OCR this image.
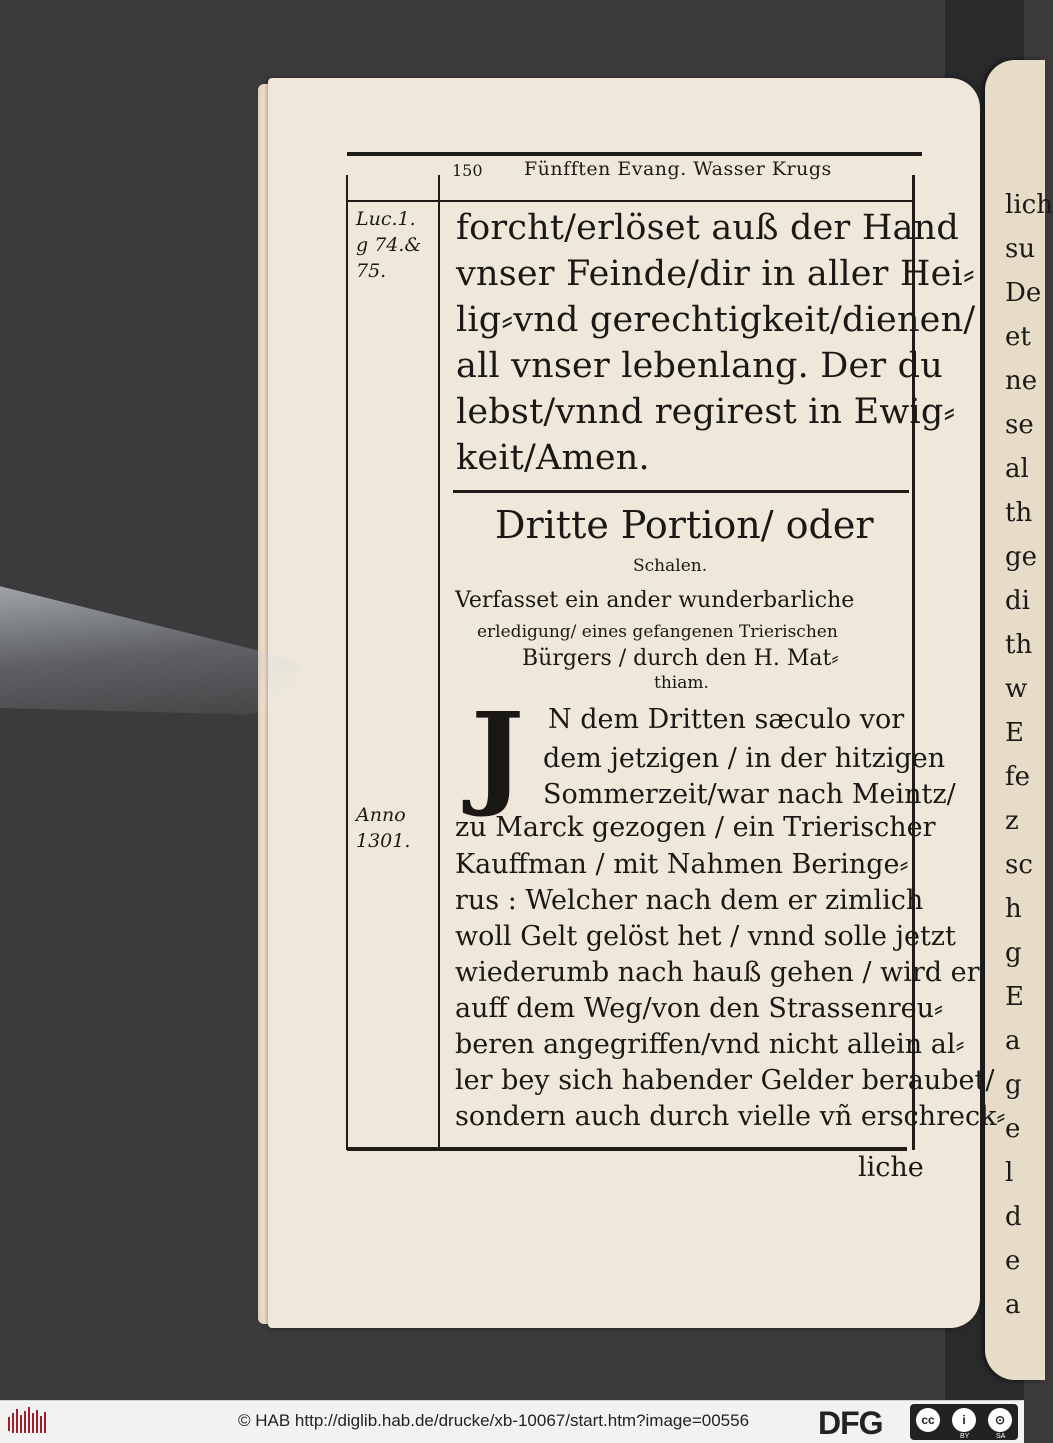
lich
su
De
et
ne
se
al
th
ge
di
th
w
E
fe
z
sc
h
g
E
a
g
e
l
d
e
a
150 Fünfften Evang. Wasser Krugs
Luc.1.
g 74.&
75.
Anno
1301.
forcht/erlöset auß der Hand
vnser Feinde/dir in aller Hei⸗
lig⸗vnd gerechtigkeit/dienen/
all vnser lebenlang. Der du
lebst/vnnd regirest in Ewig⸗
keit/Amen.
Dritte Portion/ oder
Schalen.
Verfasset ein ander wunderbarliche
erledigung/ eines gefangenen Trierischen
Bürgers / durch den H. Mat⸗
thiam.
J N dem Dritten sæculo vor
dem jetzigen / in der hitzigen
Sommerzeit/war nach Meintz/
zu Marck gezogen / ein Trierischer
Kauffman / mit Nahmen Beringe⸗
rus : Welcher nach dem er zimlich
woll Gelt gelöst het / vnnd solle jetzt
wiederumb nach hauß gehen / wird er
auff dem Weg/von den Strassenreu⸗
beren angegriffen/vnd nicht allein al⸗
ler bey sich habender Gelder beraubet/
sondern auch durch vielle vñ erschreck⸗
liche
© HAB http://diglib.hab.de/drucke/xb-10067/start.htm?image=00556 DFG	cc	i	⊙
BY	SA
